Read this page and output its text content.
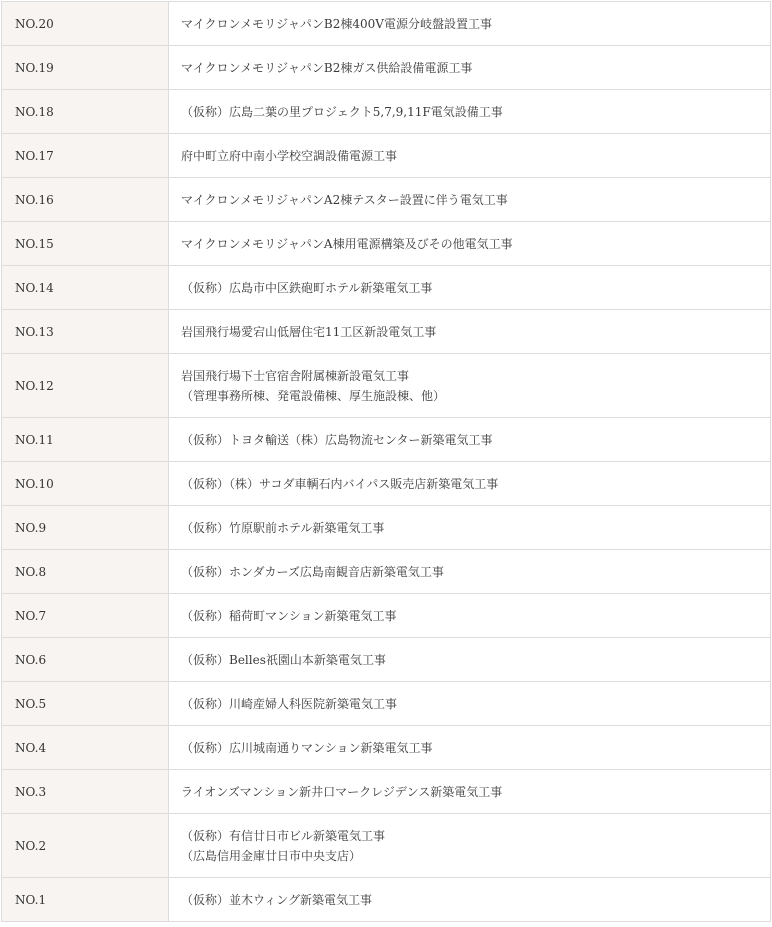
NO.20	マイクロンメモリジャパンB2棟400V電源分岐盤設置工事

NO.19	マイクロンメモリジャパンB2棟ガス供給設備電源工事

NO.18	（仮称）広島二葉の里プロジェクト5,7,9,11F電気設備工事

NO.17	府中町立府中南小学校空調設備電源工事

NO.16	マイクロンメモリジャパンA2棟テスター設置に伴う電気工事

NO.15	マイクロンメモリジャパンA棟用電源構築及びその他電気工事

NO.14	（仮称）広島市中区鉄砲町ホテル新築電気工事

NO.13	岩国飛行場愛宕山低層住宅11工区新設電気工事

NO.12	岩国飛行場下士官宿舎附属棟新設電気工事
（管理事務所棟、発電設備棟、厚生施設棟、他）

NO.11	（仮称）トヨタ輸送（株）広島物流センター新築電気工事

NO.10	（仮称）（株）サコダ車輌石内バイパス販売店新築電気工事

NO.9	（仮称）竹原駅前ホテル新築電気工事

NO.8	（仮称）ホンダカーズ広島南観音店新築電気工事

NO.7	（仮称）稲荷町マンション新築電気工事

NO.6	（仮称）Belles祇園山本新築電気工事

NO.5	（仮称）川崎産婦人科医院新築電気工事

NO.4	（仮称）広川城南通りマンション新築電気工事

NO.3	ライオンズマンション新井口マークレジデンス新築電気工事

NO.2	（仮称）有信廿日市ビル新築電気工事
（広島信用金庫廿日市中央支店）

NO.1	（仮称）並木ウィング新築電気工事
